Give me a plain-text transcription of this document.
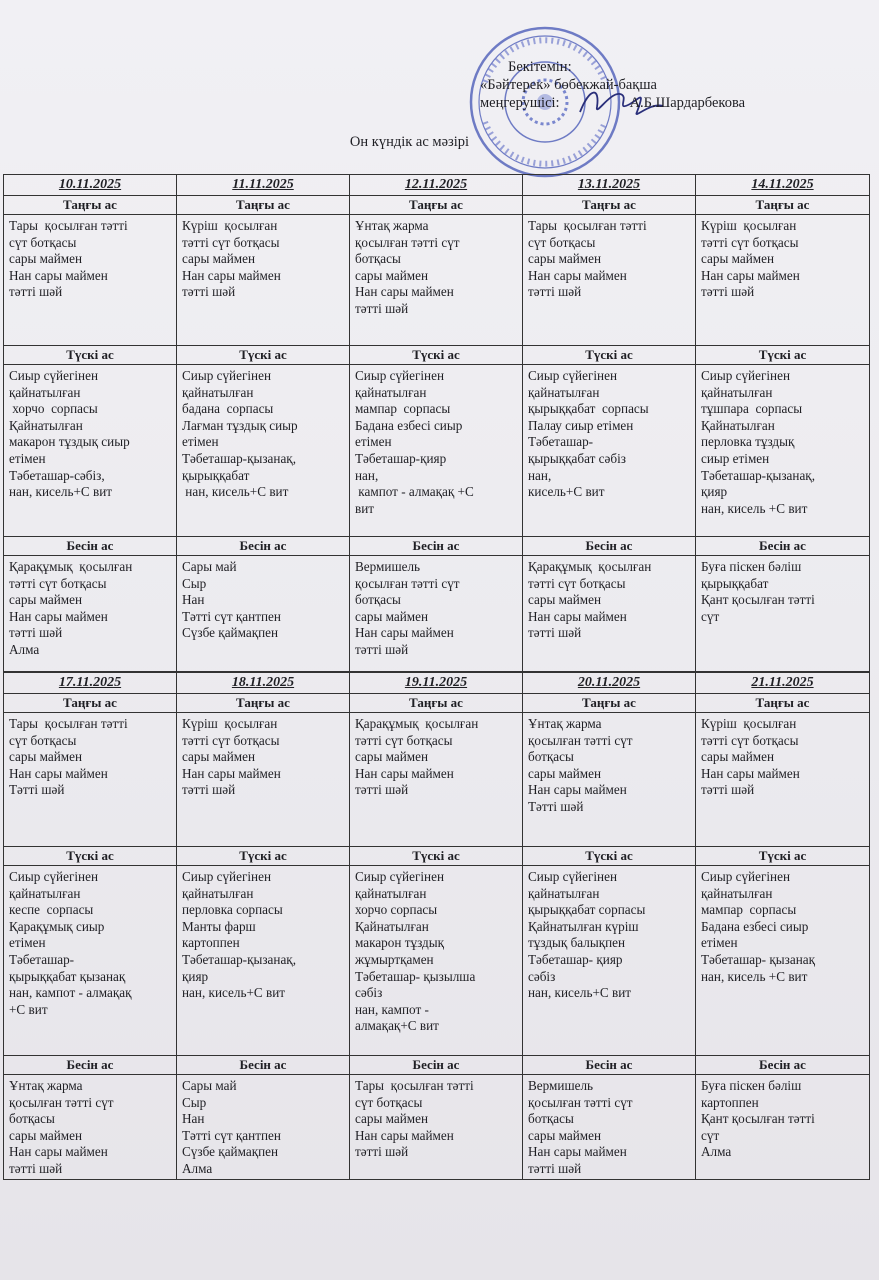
Бекітемін:
«Бәйтерек» бөбекжай-бақша
меңгерушісі:	А.Б.Шардарбекова
Он күндік ас мәзірі
10.11.2025
Таңғы ас
Тары  қосылған тәтті
сүт ботқасы
сары маймен
Нан сары маймен
тәтті шәй
Түскі ас
Сиыр сүйегінен
қайнатылған
хорчо  сорпасы
Қайнатылған
макарон тұздық сиыр
етімен
Тәбеташар-сәбіз,
нан, кисель+С вит
Бесін ас
Қарақұмық  қосылған
тәтті сүт ботқасы
сары маймен
Нан сары маймен
тәтті шәй
Алма
11.11.2025
Таңғы ас
Күріш  қосылған
тәтті сүт ботқасы
сары маймен
Нан сары маймен
тәтті шәй
Түскі ас
Сиыр сүйегінен
қайнатылған
бадана  сорпасы
Лағман тұздық сиыр
етімен
Тәбеташар-қызанақ,
қырыққабат
нан, кисель+С вит
Бесін ас
Сары май
Сыр
Нан
Тәтті сүт қантпен
Сүзбе қаймақпен
12.11.2025
Таңғы ас
Ұнтақ жарма
қосылған тәтті сүт
ботқасы
сары маймен
Нан сары маймен
тәтті шәй
Түскі ас
Сиыр сүйегінен
қайнатылған
мампар  сорпасы
Бадана езбесі сиыр
етімен
Тәбеташар-қияр
нан,
кампот - алмақақ +С
вит
Бесін ас
Вермишель
қосылған тәтті сүт
ботқасы
сары маймен
Нан сары маймен
тәтті шәй
13.11.2025
Таңғы ас
Тары  қосылған тәтті
сүт ботқасы
сары маймен
Нан сары маймен
тәтті шәй
Түскі ас
Сиыр сүйегінен
қайнатылған
қырыққабат  сорпасы
Палау сиыр етімен
Тәбеташар-
қырыққабат сәбіз
нан,
кисель+С вит
Бесін ас
Қарақұмық  қосылған
тәтті сүт ботқасы
сары маймен
Нан сары маймен
тәтті шәй
14.11.2025
Таңғы ас
Күріш  қосылған
тәтті сүт ботқасы
сары маймен
Нан сары маймен
тәтті шәй
Түскі ас
Сиыр сүйегінен
қайнатылған
тұшпара  сорпасы
Қайнатылған
перловка тұздық
сиыр етімен
Тәбеташар-қызанақ,
қияр
нан, кисель +С вит
Бесін ас
Буға піскен бәліш
қырыққабат
Қант қосылған тәтті
сүт
17.11.2025
Таңғы ас
Тары  қосылған тәтті
сүт ботқасы
сары маймен
Нан сары маймен
Тәтті шәй
Түскі ас
Сиыр сүйегінен
қайнатылған
кеспе  сорпасы
Қарақұмық сиыр
етімен
Тәбеташар-
қырыққабат қызанақ
нан, кампот - алмақақ
+С вит
Бесін ас
Ұнтақ жарма
қосылған тәтті сүт
ботқасы
сары маймен
Нан сары маймен
тәтті шәй
18.11.2025
Таңғы ас
Күріш  қосылған
тәтті сүт ботқасы
сары маймен
Нан сары маймен
тәтті шәй
Түскі ас
Сиыр сүйегінен
қайнатылған
перловка сорпасы
Манты фарш
картоппен
Тәбеташар-қызанақ,
қияр
нан, кисель+С вит
Бесін ас
Сары май
Сыр
Нан
Тәтті сүт қантпен
Сүзбе қаймақпен
Алма
19.11.2025
Таңғы ас
Қарақұмық  қосылған
тәтті сүт ботқасы
сары маймен
Нан сары маймен
тәтті шәй
Түскі ас
Сиыр сүйегінен
қайнатылған
хорчо сорпасы
Қайнатылған
макарон тұздық
жұмыртқамен
Тәбеташар- қызылша
сәбіз
нан, кампот -
алмақақ+С вит
Бесін ас
Тары  қосылған тәтті
сүт ботқасы
сары маймен
Нан сары маймен
тәтті шәй
20.11.2025
Таңғы ас
Ұнтақ жарма
қосылған тәтті сүт
ботқасы
сары маймен
Нан сары маймен
Тәтті шәй
Түскі ас
Сиыр сүйегінен
қайнатылған
қырыққабат сорпасы
Қайнатылған күріш
тұздық балықпен
Тәбеташар- қияр
сәбіз
нан, кисель+С вит
Бесін ас
Вермишель
қосылған тәтті сүт
ботқасы
сары маймен
Нан сары маймен
тәтті шәй
21.11.2025
Таңғы ас
Күріш  қосылған
тәтті сүт ботқасы
сары маймен
Нан сары маймен
тәтті шәй
Түскі ас
Сиыр сүйегінен
қайнатылған
мампар  сорпасы
Бадана езбесі сиыр
етімен
Тәбеташар- қызанақ
нан, кисель +С вит
Бесін ас
Буға піскен бәліш
картоппен
Қант қосылған тәтті
сүт
Алма
